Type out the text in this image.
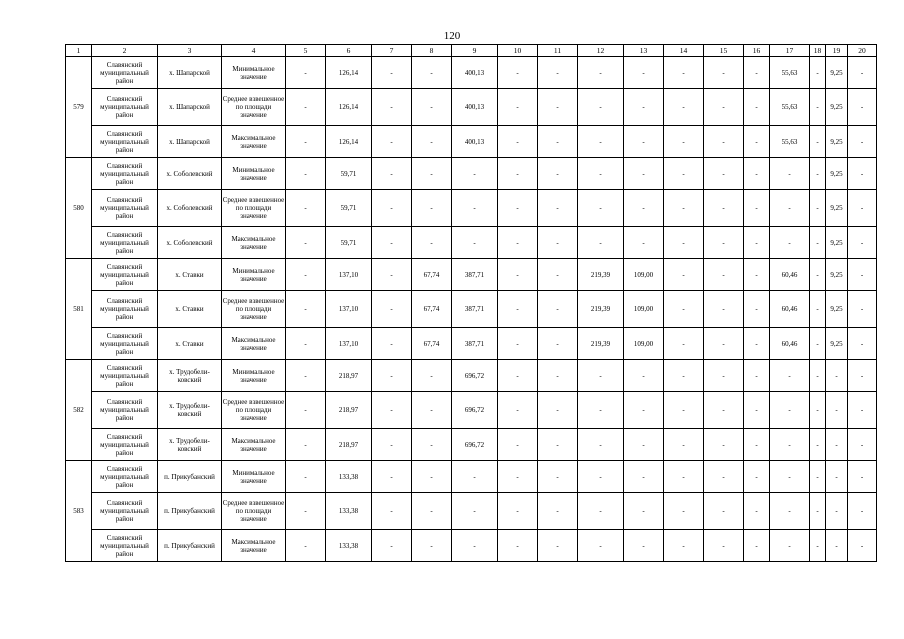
120
1	2	3	4	5	6	7	8	9	10	11	12	13	14	15	16	17	18	19	20
579	Славянский муниципальный район	х. Шапарской	Минимальное значение	-	126,14	-	-	400,13	-	-	-	-	-	-	-	55,63	-	9,25	-
	Славянский муниципальный район	х. Шапарской	Среднее взвешенное по площади значение	-	126,14	-	-	400,13	-	-	-	-	-	-	-	55,63	-	9,25	-
	Славянский муниципальный район	х. Шапарской	Максимальное значение	-	126,14	-	-	400,13	-	-	-	-	-	-	-	55,63	-	9,25	-
580	Славянский муниципальный район	х. Соболевский	Минимальное значение	-	59,71	-	-	-	-	-	-	-	-	-	-	-	-	9,25	-
	Славянский муниципальный район	х. Соболевский	Среднее взвешенное по площади значение	-	59,71	-	-	-	-	-	-	-	-	-	-	-	-	9,25	-
	Славянский муниципальный район	х. Соболевский	Максимальное значение	-	59,71	-	-	-	-	-	-	-	-	-	-	-	-	9,25	-
581	Славянский муниципальный район	х. Ставки	Минимальное значение	-	137,10	-	67,74	387,71	-	-	219,39	109,00	-	-	-	60,46	-	9,25	-
	Славянский муниципальный район	х. Ставки	Среднее взвешенное по площади значение	-	137,10	-	67,74	387,71	-	-	219,39	109,00	-	-	-	60,46	-	9,25	-
	Славянский муниципальный район	х. Ставки	Максимальное значение	-	137,10	-	67,74	387,71	-	-	219,39	109,00	-	-	-	60,46	-	9,25	-
582	Славянский муниципальный район	х. Трудобели-ковский	Минимальное значение	-	218,97	-	-	696,72	-	-	-	-	-	-	-	-	-	-	-
	Славянский муниципальный район	х. Трудобели-ковский	Среднее взвешенное по площади значение	-	218,97	-	-	696,72	-	-	-	-	-	-	-	-	-	-	-
	Славянский муниципальный район	х. Трудобели-ковский	Максимальное значение	-	218,97	-	-	696,72	-	-	-	-	-	-	-	-	-	-	-
583	Славянский муниципальный район	п. Прикубанский	Минимальное значение	-	133,38	-	-	-	-	-	-	-	-	-	-	-	-	-	-
	Славянский муниципальный район	п. Прикубанский	Среднее взвешенное по площади значение	-	133,38	-	-	-	-	-	-	-	-	-	-	-	-	-	-
	Славянский муниципальный район	п. Прикубанский	Максимальное значение	-	133,38	-	-	-	-	-	-	-	-	-	-	-	-	-	-
